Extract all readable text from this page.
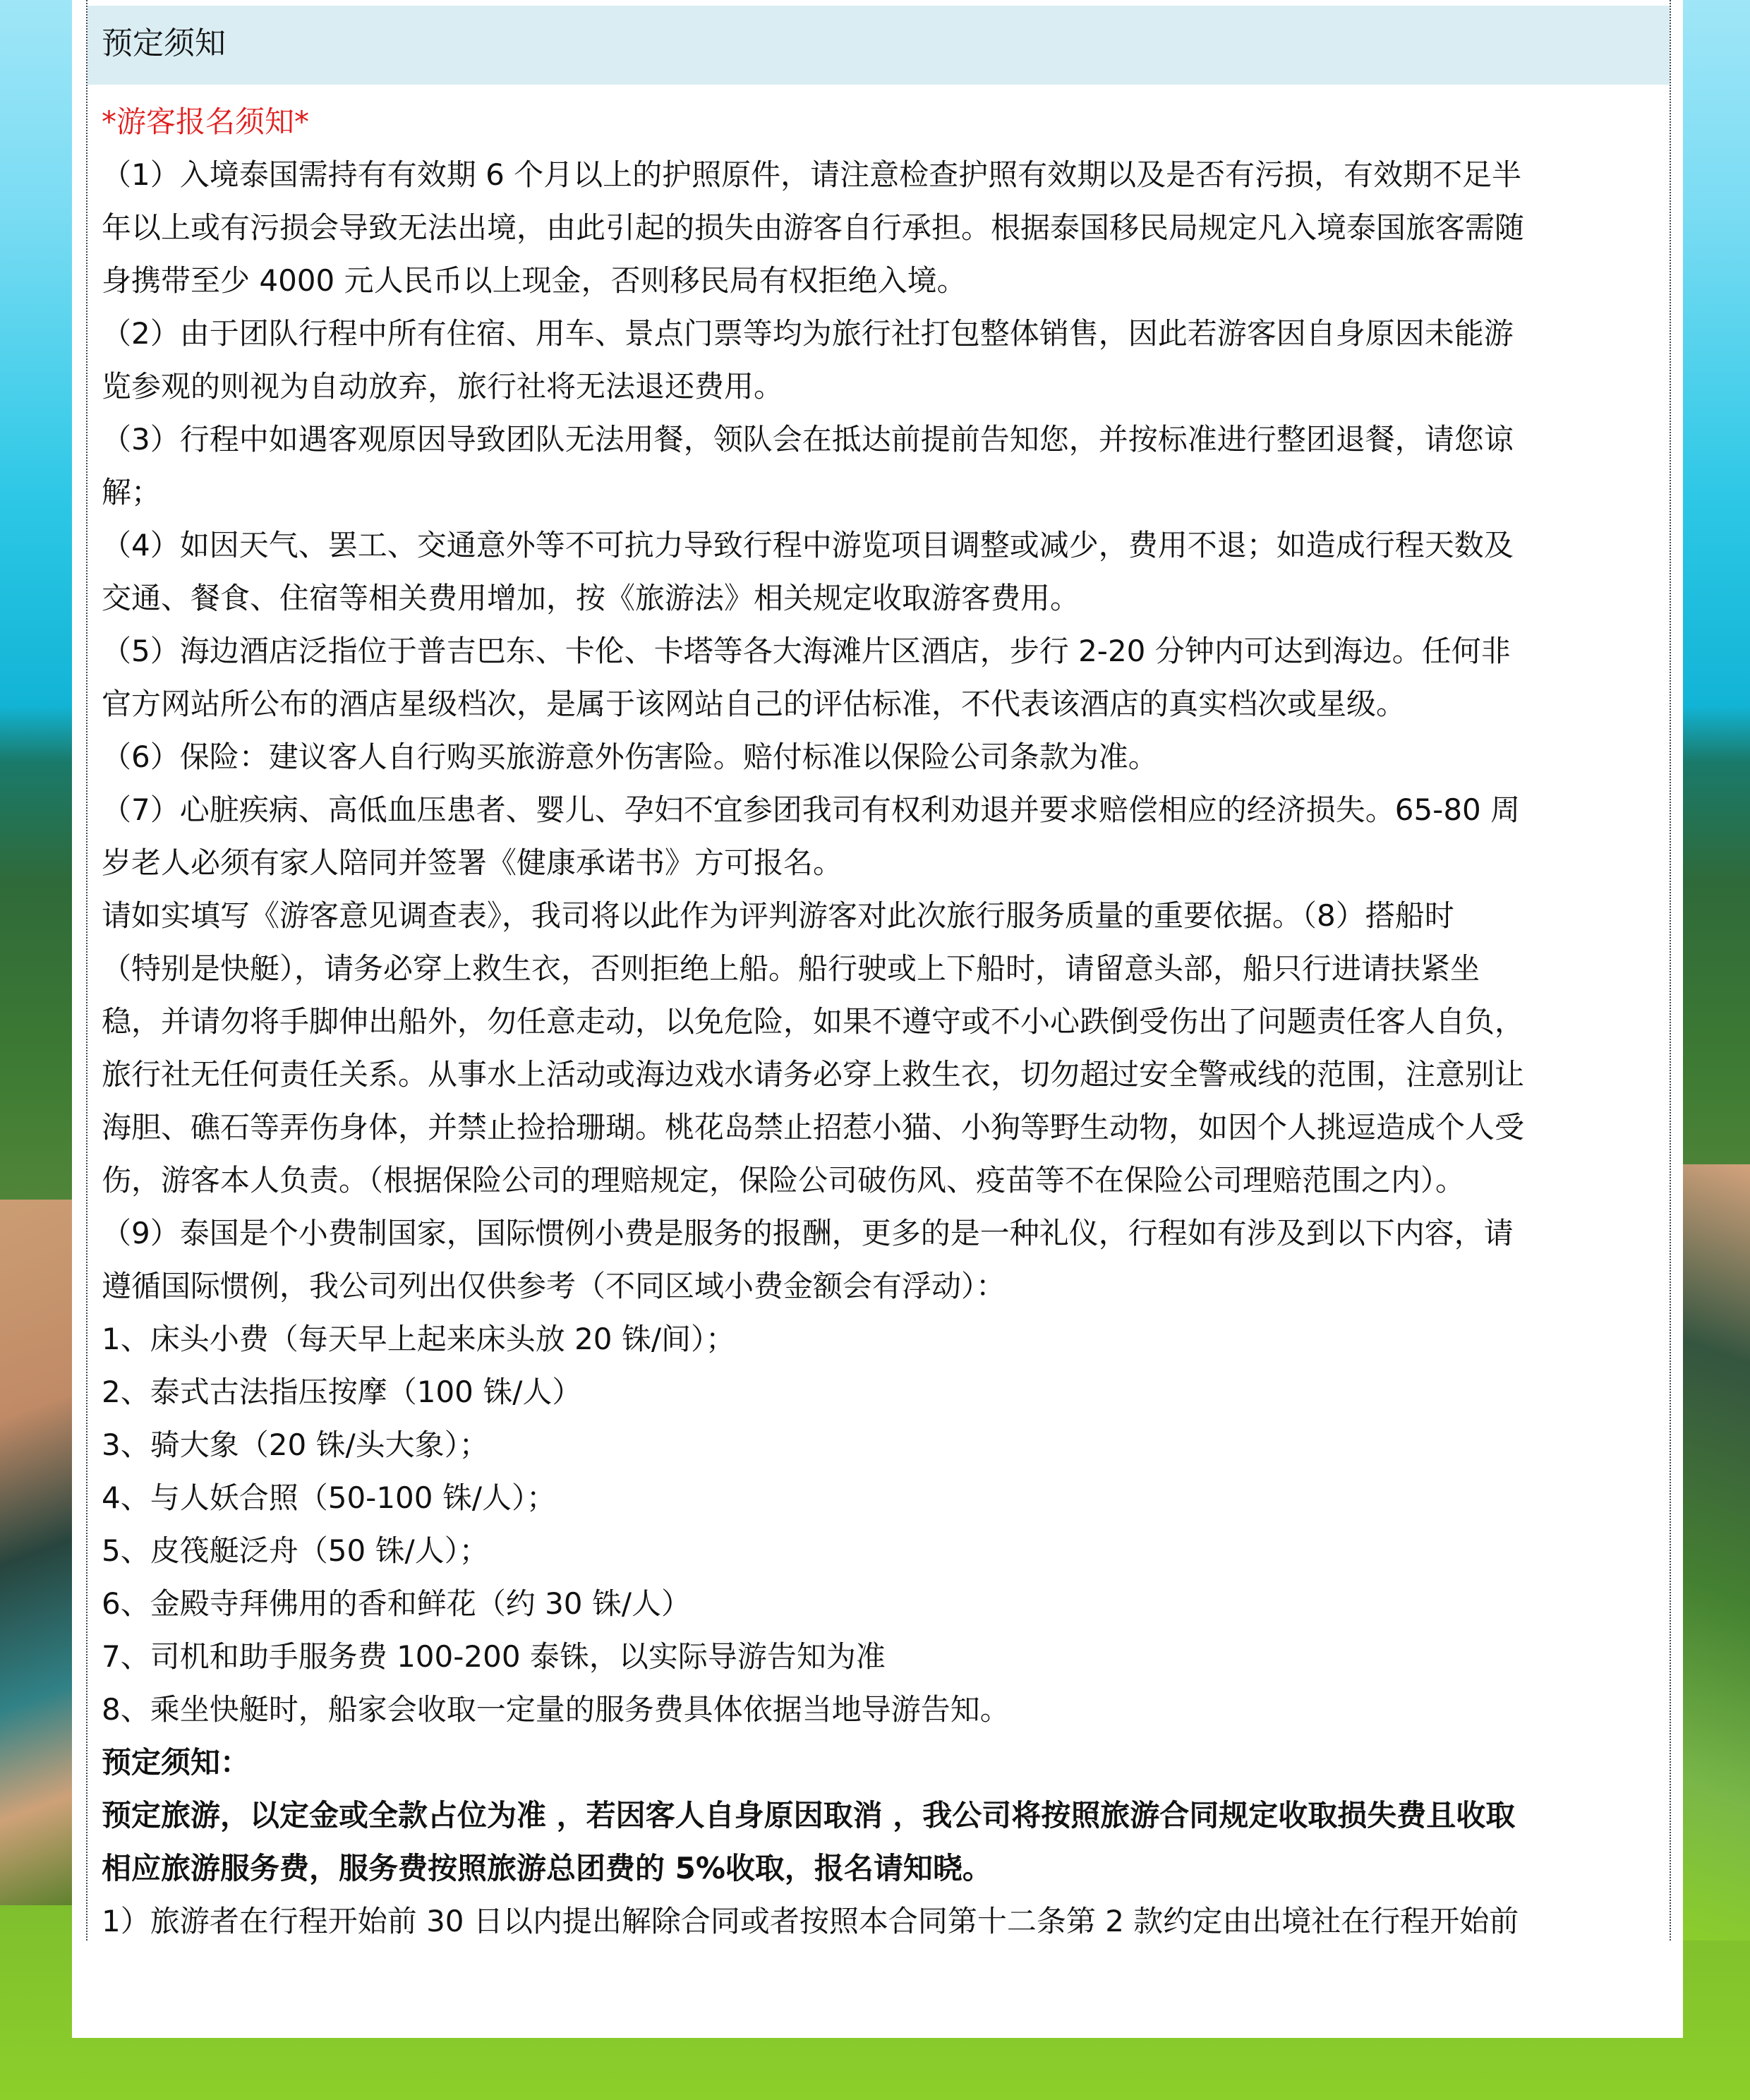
预定须知
*游客报名须知*
（1）入境泰国需持有有效期 6 个月以上的护照原件，请注意检查护照有效期以及是否有污损，有效期不足半
年以上或有污损会导致无法出境，由此引起的损失由游客自行承担。根据泰国移民局规定凡入境泰国旅客需随
身携带至少 4000 元人民币以上现金，否则移民局有权拒绝入境。
（2）由于团队行程中所有住宿、用车、景点门票等均为旅行社打包整体销售，因此若游客因自身原因未能游
览参观的则视为自动放弃，旅行社将无法退还费用。
（3）行程中如遇客观原因导致团队无法用餐，领队会在抵达前提前告知您，并按标准进行整团退餐，请您谅
解；
（4）如因天气、罢工、交通意外等不可抗力导致行程中游览项目调整或减少，费用不退；如造成行程天数及
交通、餐食、住宿等相关费用增加，按《旅游法》相关规定收取游客费用。
（5）海边酒店泛指位于普吉巴东、卡伦、卡塔等各大海滩片区酒店，步行 2-20 分钟内可达到海边。任何非
官方网站所公布的酒店星级档次，是属于该网站自己的评估标准，不代表该酒店的真实档次或星级。
（6）保险：建议客人自行购买旅游意外伤害险。赔付标准以保险公司条款为准。
（7）心脏疾病、高低血压患者、婴儿、孕妇不宜参团我司有权利劝退并要求赔偿相应的经济损失。65-80 周
岁老人必须有家人陪同并签署《健康承诺书》方可报名。
请如实填写《游客意见调查表》，我司将以此作为评判游客对此次旅行服务质量的重要依据。（8）搭船时
（特别是快艇），请务必穿上救生衣，否则拒绝上船。船行驶或上下船时，请留意头部，船只行进请扶紧坐
稳，并请勿将手脚伸出船外，勿任意走动，以免危险，如果不遵守或不小心跌倒受伤出了问题责任客人自负，
旅行社无任何责任关系。从事水上活动或海边戏水请务必穿上救生衣，切勿超过安全警戒线的范围，注意别让
海胆、礁石等弄伤身体，并禁止捡拾珊瑚。桃花岛禁止招惹小猫、小狗等野生动物，如因个人挑逗造成个人受
伤，游客本人负责。（根据保险公司的理赔规定，保险公司破伤风、疫苗等不在保险公司理赔范围之内）。
（9）泰国是个小费制国家，国际惯例小费是服务的报酬，更多的是一种礼仪，行程如有涉及到以下内容，请
遵循国际惯例，我公司列出仅供参考（不同区域小费金额会有浮动）：
1、床头小费（每天早上起来床头放 20 铢/间）；
2、泰式古法指压按摩（100 铢/人）
3、骑大象（20 铢/头大象）；
4、与人妖合照（50-100 铢/人）；
5、皮筏艇泛舟（50 铢/人）；
6、金殿寺拜佛用的香和鲜花（约 30 铢/人）
7、司机和助手服务费 100-200 泰铢，以实际导游告知为准
8、乘坐快艇时，船家会收取一定量的服务费具体依据当地导游告知。
预定须知：
预定旅游，以定金或全款占位为准 ，若因客人自身原因取消 ，我公司将按照旅游合同规定收取损失费且收取
相应旅游服务费，服务费按照旅游总团费的 5%收取，报名请知晓。
1）旅游者在行程开始前 30 日以内提出解除合同或者按照本合同第十二条第 2 款约定由出境社在行程开始前
